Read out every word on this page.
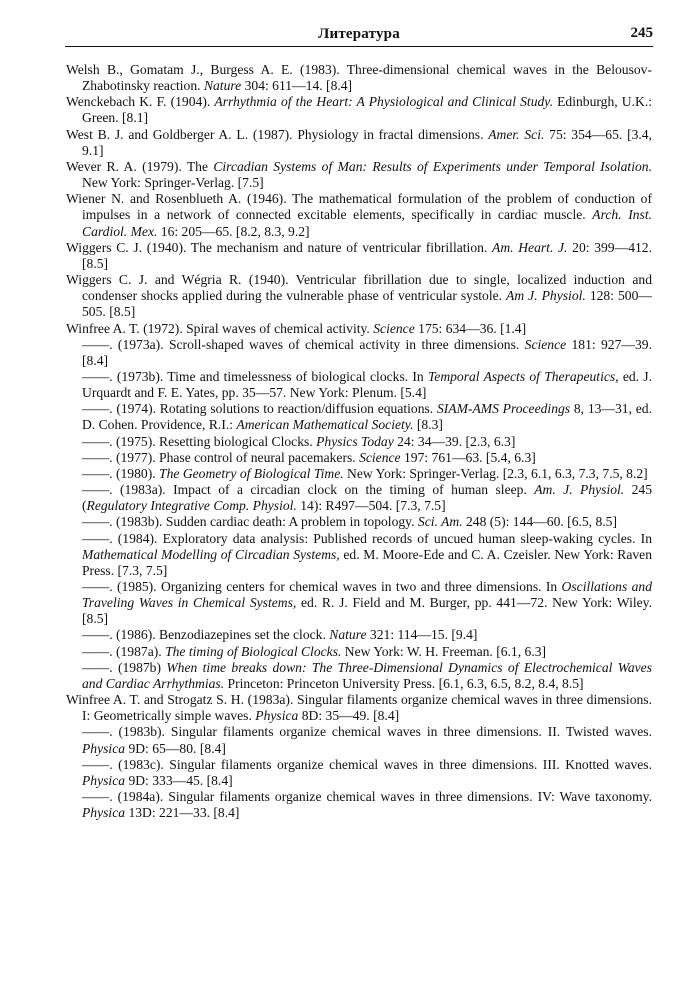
Литература	245

Welsh B., Gomatam J., Burgess A. E. (1983). Three-dimensional chemical waves in the Belousov-Zhabotinsky reaction. Nature 304: 611—14. [8.4]

Wenckebach K. F. (1904). Arrhythmia of the Heart: A Physiological and Clinical Study. Edinburgh, U.K.: Green. [8.1]

West B. J. and Goldberger A. L. (1987). Physiology in fractal dimensions. Amer. Sci. 75: 354—65. [3.4, 9.1]

Wever R. A. (1979). The Circadian Systems of Man: Results of Experiments under Temporal Isolation. New York: Springer-Verlag. [7.5]

Wiener N. and Rosenblueth A. (1946). The mathematical formulation of the problem of conduction of impulses in a network of connected excitable elements, specifically in cardiac muscle. Arch. Inst. Cardiol. Mex. 16: 205—65. [8.2, 8.3, 9.2]

Wiggers C. J. (1940). The mechanism and nature of ventricular fibrillation. Am. Heart. J. 20: 399—412. [8.5]

Wiggers C. J. and Wégria R. (1940). Ventricular fibrillation due to single, localized induction and condenser shocks applied during the vulnerable phase of ventricular systole. Am J. Physiol. 128: 500—505. [8.5]

Winfree A. T. (1972). Spiral waves of chemical activity. Science 175: 634—36. [1.4]

——. (1973a). Scroll-shaped waves of chemical activity in three dimensions. Science 181: 927—39. [8.4]

——. (1973b). Time and timelessness of biological clocks. In Temporal Aspects of Therapeutics, ed. J. Urquardt and F. E. Yates, pp. 35—57. New York: Plenum. [5.4]

——. (1974). Rotating solutions to reaction/diffusion equations. SIAM-AMS Proceedings 8, 13—31, ed. D. Cohen. Providence, R.I.: American Mathematical Society. [8.3]

——. (1975). Resetting biological Clocks. Physics Today 24: 34—39. [2.3, 6.3]

——. (1977). Phase control of neural pacemakers. Science 197: 761—63. [5.4, 6.3]

——. (1980). The Geometry of Biological Time. New York: Springer-Verlag. [2.3, 6.1, 6.3, 7.3, 7.5, 8.2]

——. (1983a). Impact of a circadian clock on the timing of human sleep. Am. J. Physiol. 245 (Regulatory Integrative Comp. Physiol. 14): R497—504. [7.3, 7.5]

——. (1983b). Sudden cardiac death: A problem in topology. Sci. Am. 248 (5): 144—60. [6.5, 8.5]

——. (1984). Exploratory data analysis: Published records of uncued human sleep-waking cycles. In Mathematical Modelling of Circadian Systems, ed. M. Moore-Ede and C. A. Czeisler. New York: Raven Press. [7.3, 7.5]

——. (1985). Organizing centers for chemical waves in two and three dimensions. In Oscillations and Traveling Waves in Chemical Systems, ed. R. J. Field and M. Burger, pp. 441—72. New York: Wiley. [8.5]

——. (1986). Benzodiazepines set the clock. Nature 321: 114—15. [9.4]

——. (1987a). The timing of Biological Clocks. New York: W. H. Freeman. [6.1, 6.3]

——. (1987b) When time breaks down: The Three-Dimensional Dynamics of Electrochemical Waves and Cardiac Arrhythmias. Princeton: Princeton University Press. [6.1, 6.3, 6.5, 8.2, 8.4, 8.5]

Winfree A. T. and Strogatz S. H. (1983a). Singular filaments organize chemical waves in three dimensions. I: Geometrically simple waves. Physica 8D: 35—49. [8.4]

——. (1983b). Singular filaments organize chemical waves in three dimensions. II. Twisted waves. Physica 9D: 65—80. [8.4]

——. (1983c). Singular filaments organize chemical waves in three dimensions. III. Knotted waves. Physica 9D: 333—45. [8.4]

——. (1984a). Singular filaments organize chemical waves in three dimensions. IV: Wave taxonomy. Physica 13D: 221—33. [8.4]
